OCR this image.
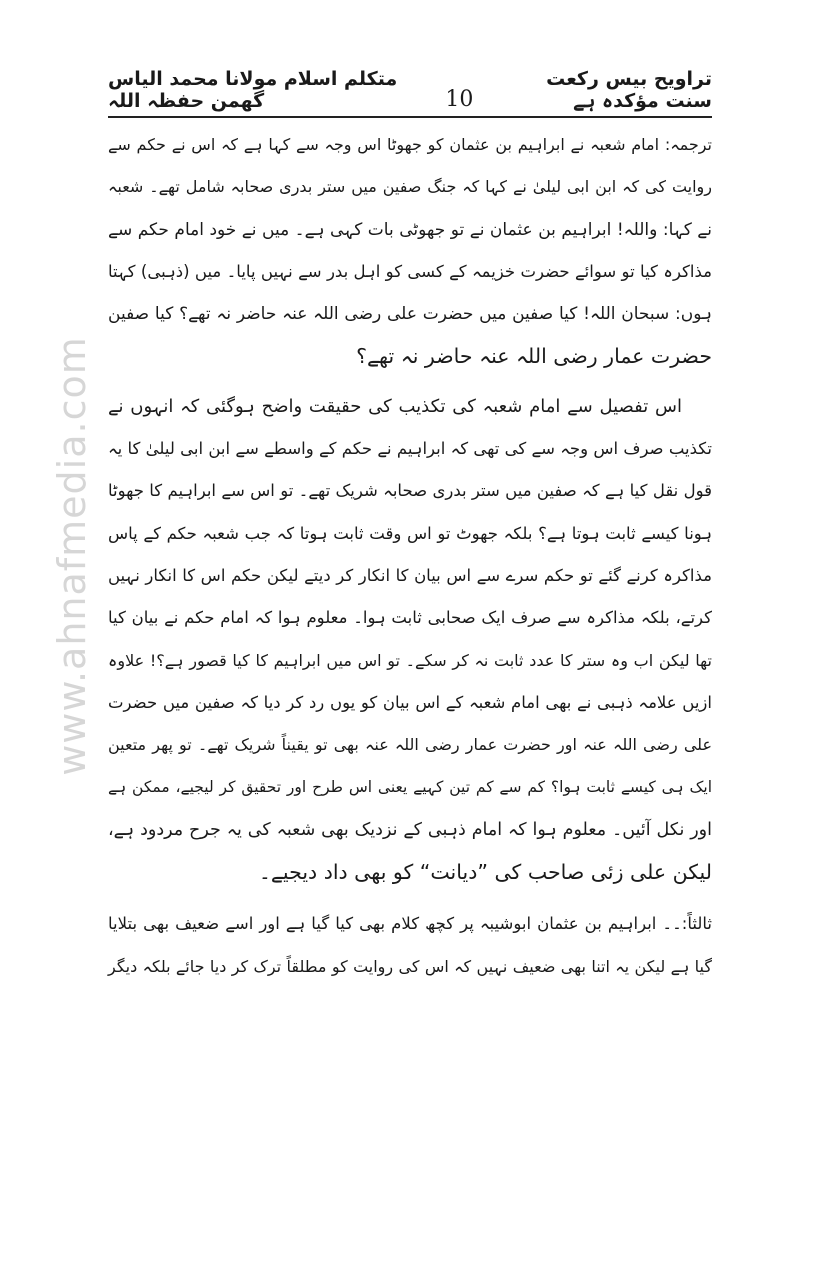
تراویح بیس رکعت سنت مؤکدہ ہے
10
متکلم اسلام مولانا محمد الیاس گھمن حفظہ اللہ
www.ahnafmedia.com
ترجمہ: امام شعبہ نے ابراہیم بن عثمان کو جھوٹا اس وجہ سے کہا ہے کہ اس نے حکم سے
روایت کی کہ ابن ابی لیلیٰ نے کہا کہ جنگ صفین میں ستر بدری صحابہ شامل تھے۔ شعبہ
نے کہا: واللہ! ابراہیم بن عثمان نے تو جھوٹی بات کہی ہے۔ میں نے خود امام حکم سے
مذاکرہ کیا تو سوائے حضرت خزیمہ کے کسی کو اہل بدر سے نہیں پایا۔ میں (ذہبی) کہتا
ہوں: سبحان اللہ! کیا صفین میں حضرت علی رضی اللہ عنہ حاضر نہ تھے؟ کیا صفین
حضرت عمار رضی اللہ عنہ حاضر نہ تھے؟
اس تفصیل سے امام شعبہ کی تکذیب کی حقیقت واضح ہوگئی کہ انہوں نے
تکذیب صرف اس وجہ سے کی تھی کہ ابراہیم نے حکم کے واسطے سے ابن ابی لیلیٰ کا یہ
قول نقل کیا ہے کہ صفین میں ستر بدری صحابہ شریک تھے۔ تو اس سے ابراہیم کا جھوٹا
ہونا کیسے ثابت ہوتا ہے؟ بلکہ جھوٹ تو اس وقت ثابت ہوتا کہ جب شعبہ حکم کے پاس
مذاکرہ کرنے گئے تو حکم سرے سے اس بیان کا انکار کر دیتے لیکن حکم اس کا انکار نہیں
کرتے، بلکہ مذاکرہ سے صرف ایک صحابی ثابت ہوا۔ معلوم ہوا کہ امام حکم نے بیان کیا
تھا لیکن اب وہ ستر کا عدد ثابت نہ کر سکے۔ تو اس میں ابراہیم کا کیا قصور ہے؟! علاوہ
ازیں علامہ ذہبی نے بھی امام شعبہ کے اس بیان کو یوں رد کر دیا کہ صفین میں حضرت
علی رضی اللہ عنہ اور حضرت عمار رضی اللہ عنہ بھی تو یقیناً شریک تھے۔ تو پھر متعین
ایک ہی کیسے ثابت ہوا؟ کم سے کم تین کہیے یعنی اس طرح اور تحقیق کر لیجیے، ممکن ہے
اور نکل آئیں۔ معلوم ہوا کہ امام ذہبی کے نزدیک بھی شعبہ کی یہ جرح مردود ہے،
لیکن علی زئی صاحب کی ”دیانت“ کو بھی داد دیجیے۔
ثالثاً:۔۔ ابراہیم بن عثمان ابوشیبہ پر کچھ کلام بھی کیا گیا ہے اور اسے ضعیف بھی بتلایا
گیا ہے لیکن یہ اتنا بھی ضعیف نہیں کہ اس کی روایت کو مطلقاً ترک کر دیا جائے بلکہ دیگر
